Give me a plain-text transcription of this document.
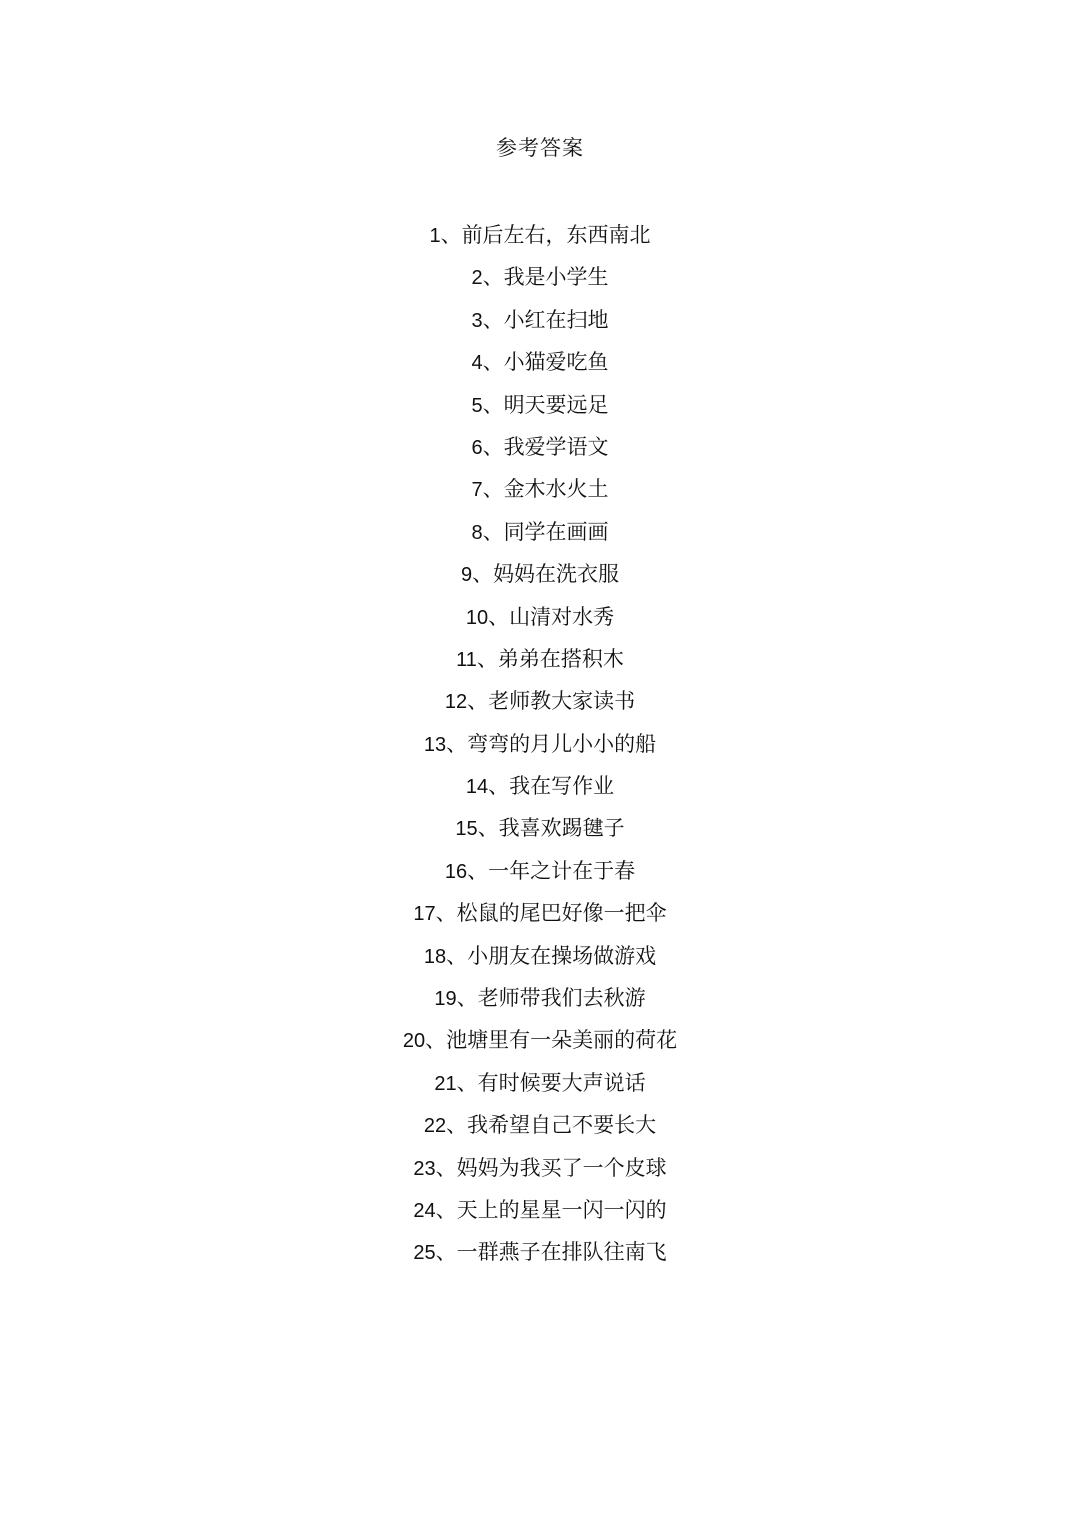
参考答案
1、前后左右，东西南北
2、我是小学生
3、小红在扫地
4、小猫爱吃鱼
5、明天要远足
6、我爱学语文
7、金木水火土
8、同学在画画
9、妈妈在洗衣服
10、山清对水秀
11、弟弟在搭积木
12、老师教大家读书
13、弯弯的月儿小小的船
14、我在写作业
15、我喜欢踢毽子
16、一年之计在于春
17、松鼠的尾巴好像一把伞
18、小朋友在操场做游戏
19、老师带我们去秋游
20、池塘里有一朵美丽的荷花
21、有时候要大声说话
22、我希望自己不要长大
23、妈妈为我买了一个皮球
24、天上的星星一闪一闪的
25、一群燕子在排队往南飞
